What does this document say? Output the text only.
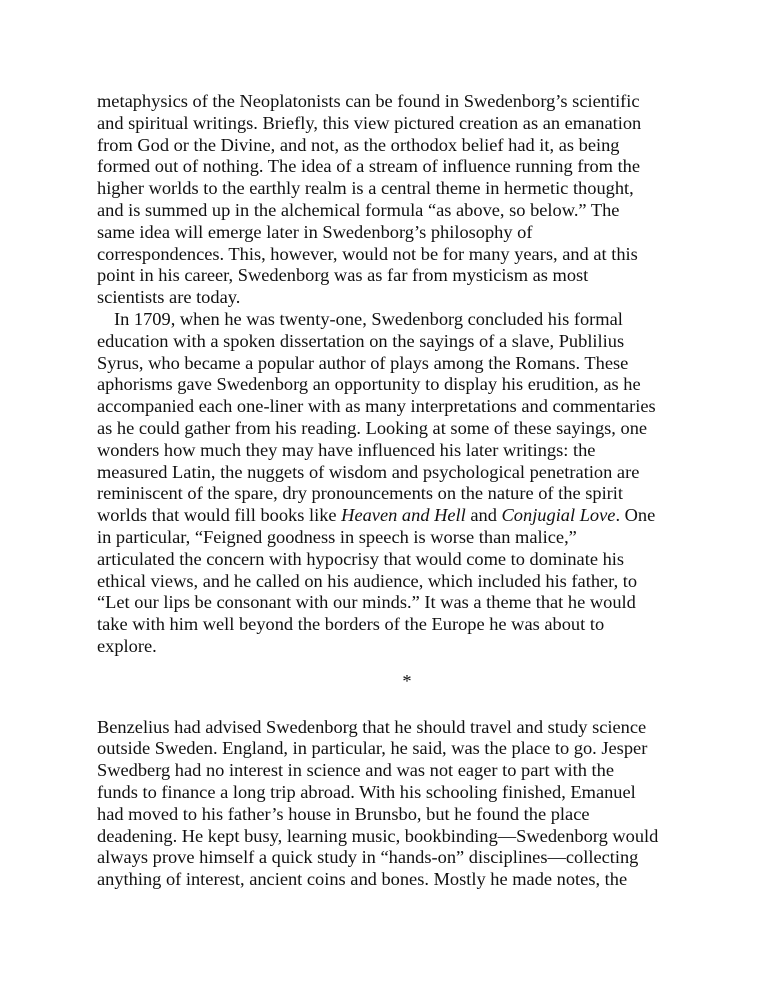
metaphysics of the Neoplatonists can be found in Swedenborg’s scientific
and spiritual writings. Briefly, this view pictured creation as an emanation
from God or the Divine, and not, as the orthodox belief had it, as being
formed out of nothing. The idea of a stream of influence running from the
higher worlds to the earthly realm is a central theme in hermetic thought,
and is summed up in the alchemical formula “as above, so below.” The
same idea will emerge later in Swedenborg’s philosophy of
correspondences. This, however, would not be for many years, and at this
point in his career, Swedenborg was as far from mysticism as most
scientists are today.
In 1709, when he was twenty-one, Swedenborg concluded his formal
education with a spoken dissertation on the sayings of a slave, Publilius
Syrus, who became a popular author of plays among the Romans. These
aphorisms gave Swedenborg an opportunity to display his erudition, as he
accompanied each one-liner with as many interpretations and commentaries
as he could gather from his reading. Looking at some of these sayings, one
wonders how much they may have influenced his later writings: the
measured Latin, the nuggets of wisdom and psychological penetration are
reminiscent of the spare, dry pronouncements on the nature of the spirit
worlds that would fill books like Heaven and Hell and Conjugial Love. One
in particular, “Feigned goodness in speech is worse than malice,”
articulated the concern with hypocrisy that would come to dominate his
ethical views, and he called on his audience, which included his father, to
“Let our lips be consonant with our minds.” It was a theme that he would
take with him well beyond the borders of the Europe he was about to
explore.
*
Benzelius had advised Swedenborg that he should travel and study science
outside Sweden. England, in particular, he said, was the place to go. Jesper
Swedberg had no interest in science and was not eager to part with the
funds to finance a long trip abroad. With his schooling finished, Emanuel
had moved to his father’s house in Brunsbo, but he found the place
deadening. He kept busy, learning music, bookbinding—Swedenborg would
always prove himself a quick study in “hands-on” disciplines—collecting
anything of interest, ancient coins and bones. Mostly he made notes, the
